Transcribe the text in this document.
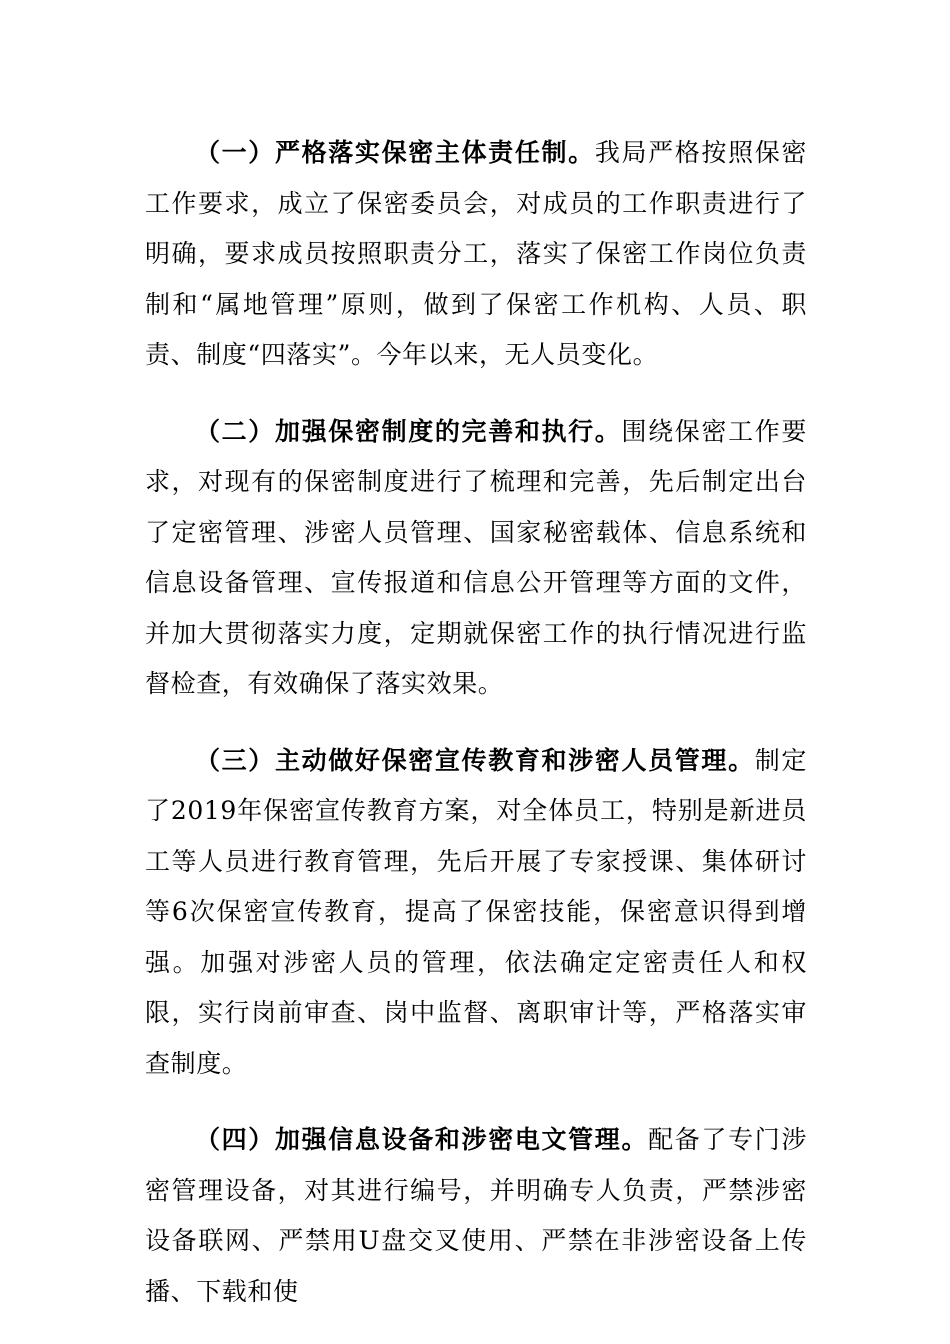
（一）严格落实保密主体责任制。我局严格按照保密工作要求，成立了保密委员会，对成员的工作职责进行了明确，要求成员按照职责分工，落实了保密工作岗位负责制和“属地管理”原则，做到了保密工作机构、人员、职责、制度“四落实”。今年以来，无人员变化。

（二）加强保密制度的完善和执行。围绕保密工作要求，对现有的保密制度进行了梳理和完善，先后制定出台了定密管理、涉密人员管理、国家秘密载体、信息系统和信息设备管理、宣传报道和信息公开管理等方面的文件，并加大贯彻落实力度，定期就保密工作的执行情况进行监督检查，有效确保了落实效果。

（三）主动做好保密宣传教育和涉密人员管理。制定了2019年保密宣传教育方案，对全体员工，特别是新进员工等人员进行教育管理，先后开展了专家授课、集体研讨等6次保密宣传教育，提高了保密技能，保密意识得到增强。加强对涉密人员的管理，依法确定定密责任人和权限，实行岗前审查、岗中监督、离职审计等，严格落实审查制度。

（四）加强信息设备和涉密电文管理。配备了专门涉密管理设备，对其进行编号，并明确专人负责，严禁涉密设备联网、严禁用U盘交叉使用、严禁在非涉密设备上传播、下载和使
